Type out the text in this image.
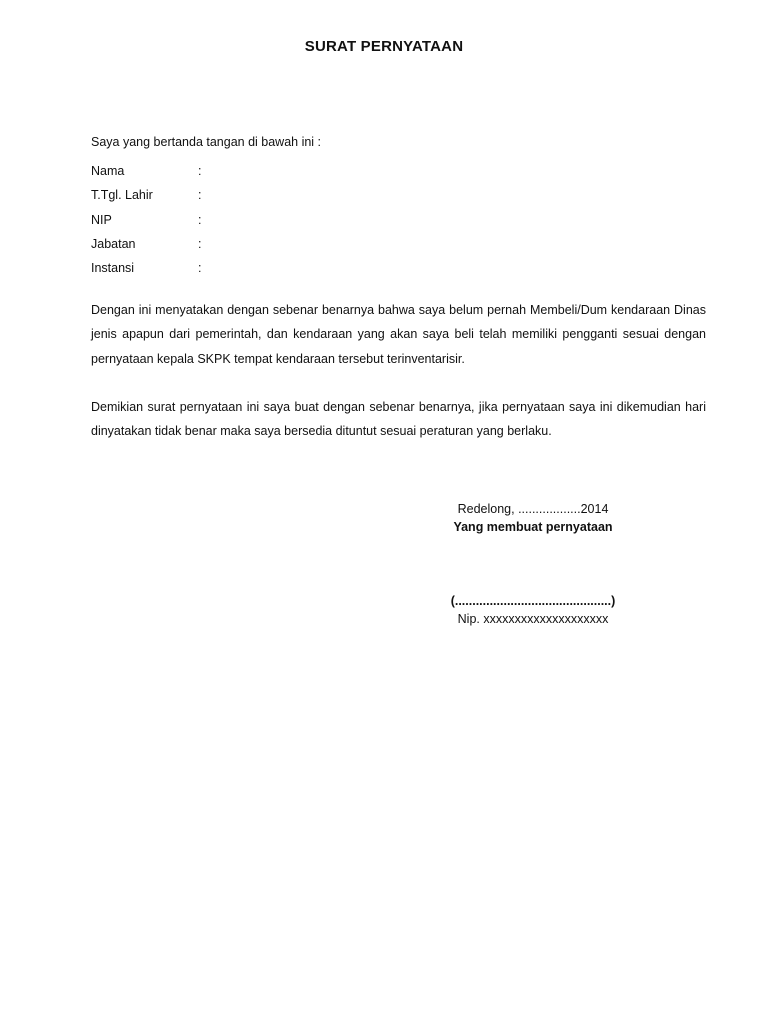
SURAT PERNYATAAN
Saya yang bertanda tangan di bawah ini :
Nama	:
T.Tgl. Lahir	:
NIP	:
Jabatan	:
Instansi	:
Dengan ini menyatakan dengan sebenar benarnya bahwa saya belum pernah Membeli/Dum kendaraan Dinas jenis apapun dari pemerintah, dan kendaraan yang akan saya beli telah memiliki pengganti sesuai dengan pernyataan kepala SKPK tempat kendaraan tersebut terinventarisir.
Demikian surat pernyataan ini saya buat dengan sebenar benarnya, jika pernyataan saya ini dikemudian hari dinyatakan tidak benar maka saya bersedia dituntut sesuai peraturan yang berlaku.
Redelong, ..................2014
Yang membuat pernyataan
(.............................................)
Nip. xxxxxxxxxxxxxxxxxxxx
